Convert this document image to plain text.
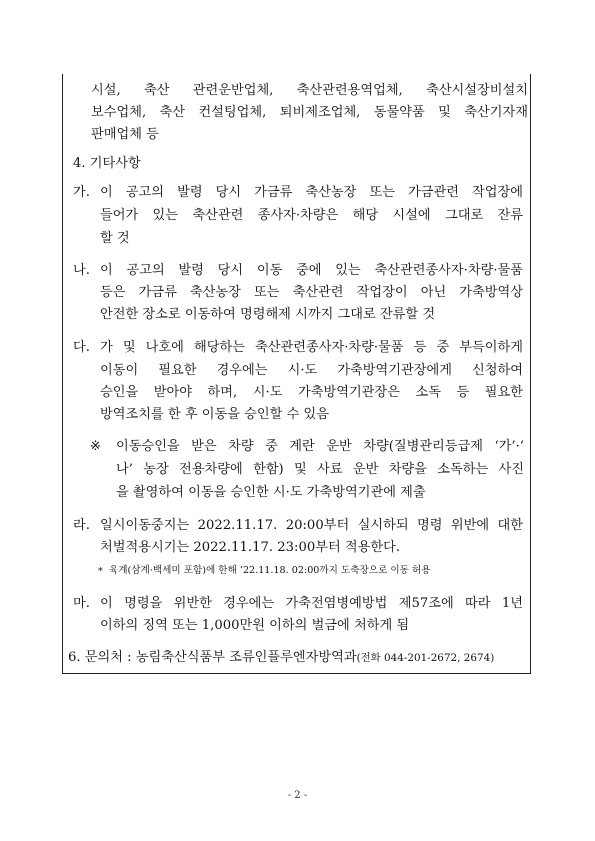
시설, 축산 관련운반업체, 축산관련용역업체, 축산시설장비설치
보수업체, 축산 컨설팅업체, 퇴비제조업체, 동물약품 및 축산기자재
판매업체 등
4. 기타사항
가. 이 공고의 발령 당시 가금류 축산농장 또는 가금관련 작업장에
들어가 있는 축산관련 종사자·차량은 해당 시설에 그대로 잔류
할 것
나. 이 공고의 발령 당시 이동 중에 있는 축산관련종사자·차량·물품
등은 가금류 축산농장 또는 축산관련 작업장이 아닌 가축방역상
안전한 장소로 이동하여 명령해제 시까지 그대로 잔류할 것
다. 가 및 나호에 해당하는 축산관련종사자·차량·물품 등 중 부득이하게
이동이 필요한 경우에는 시·도 가축방역기관장에게 신청하여
승인을 받아야 하며, 시·도 가축방역기관장은 소독 등 필요한
방역조치를 한 후 이동을 승인할 수 있음
※ 이동승인을 받은 차량 중 계란 운반 차량(질병관리등급제 ‘가’·‘
나’ 농장 전용차량에 한함) 및 사료 운반 차량을 소독하는 사진
을 촬영하여 이동을 승인한 시·도 가축방역기관에 제출
라. 일시이동중지는 2022.11.17. 20:00부터 실시하되 명령 위반에 대한
처벌적용시기는 2022.11.17. 23:00부터 적용한다.
* 육계(삼계·백세미 포함)에 한해 ’22.11.18. 02:00까지 도축장으로 이동 허용
마. 이 명령을 위반한 경우에는 가축전염병예방법 제57조에 따라 1년
이하의 징역 또는 1,000만원 이하의 벌금에 처하게 됨
6. 문의처 : 농림축산식품부 조류인플루엔자방역과(전화 044-201-2672, 2674)
- 2 -
